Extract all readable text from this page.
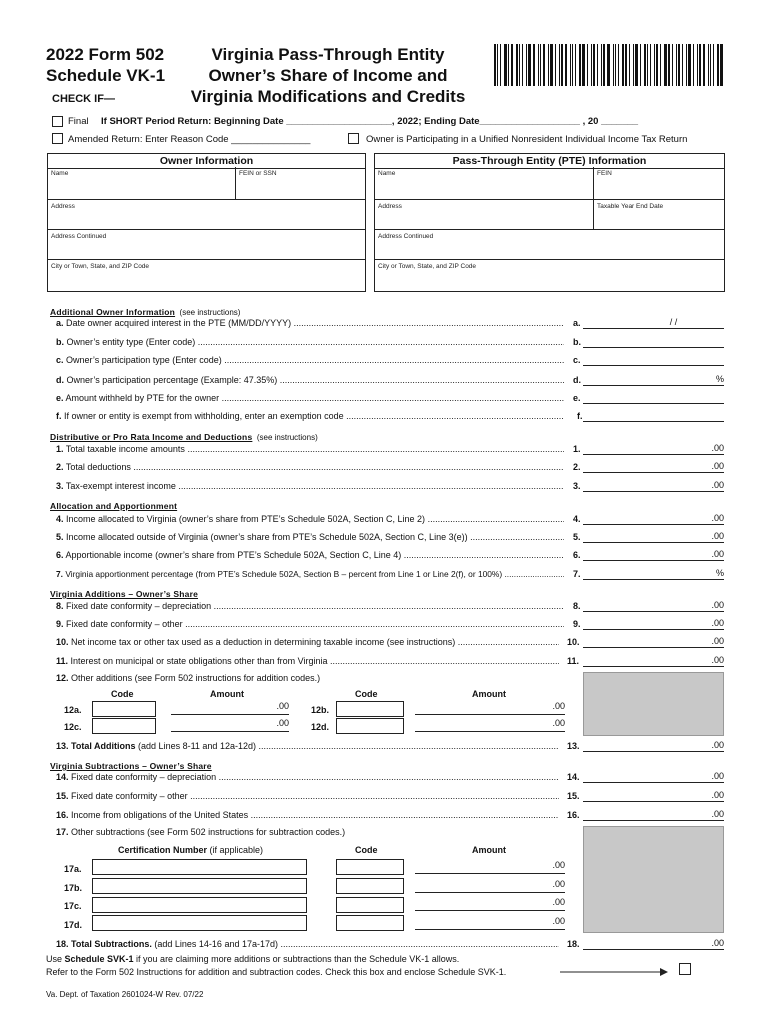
2022 Form 502
Schedule VK-1
CHECK IF—
Virginia Pass-Through Entity
Owner’s Share of Income and
Virginia Modifications and Credits
Final If SHORT Period Return: Beginning Date ____________________, 2022; Ending Date___________________ , 20 _______
Amended Return: Enter Reason Code _______________	Owner is Participating in a Unified Nonresident Individual Income Tax Return
Owner Information
Name	FEIN or SSN
Address
Address Continued
City or Town, State, and ZIP Code
Pass-Through Entity (PTE) Information
Name	FEIN
Address	Taxable Year End Date
Address Continued
City or Town, State, and ZIP Code
Additional Owner Information (see instructions)
a. Date owner acquired interest in the PTE (MM/DD/YYYY) .....	a.	/ /
b. Owner’s entity type (Enter code) .....	b.
c. Owner’s participation type (Enter code) .....	c.
d. Owner’s participation percentage (Example: 47.35%) .....	d.	%
e. Amount withheld by PTE for the owner .....	e.
f. If owner or entity is exempt from withholding, enter an exemption code .....	f.
Distributive or Pro Rata Income and Deductions (see instructions)
1. Total taxable income amounts .....	1.	.00
2. Total deductions .....	2.	.00
3. Tax-exempt interest income .....	3.	.00
Allocation and Apportionment
4. Income allocated to Virginia (owner’s share from PTE’s Schedule 502A, Section C, Line 2) .....	4.	.00
5. Income allocated outside of Virginia (owner’s share from PTE’s Schedule 502A, Section C, Line 3(e)) .....	5.	.00
6. Apportionable income (owner’s share from PTE’s Schedule 502A, Section C, Line 4) .....	6.	.00
7. Virginia apportionment percentage (from PTE’s Schedule 502A, Section B – percent from Line 1 or Line 2(f), or 100%) .....	7.	%
Virginia Additions – Owner’s Share
8. Fixed date conformity – depreciation .....	8.	.00
9. Fixed date conformity – other .....	9.	.00
10. Net income tax or other tax used as a deduction in determining taxable income (see instructions) .....	10.	.00
11. Interest on municipal or state obligations other than from Virginia .....	11.	.00
12. Other additions (see Form 502 instructions for addition codes.)
Code	Amount	Code	Amount
12a.	.00 12b.	.00
12c.	.00 12d.	.00
13. Total Additions (add Lines 8-11 and 12a-12d) .....	13.	.00
Virginia Subtractions – Owner’s Share
14. Fixed date conformity – depreciation .....	14.	.00
15. Fixed date conformity – other .....	15.	.00
16. Income from obligations of the United States .....	16.	.00
17. Other subtractions (see Form 502 instructions for subtraction codes.)
Certification Number (if applicable)	Code	Amount
17a.	.00
17b.	.00
17c.	.00
17d.	.00
18. Total Subtractions. (add Lines 14-16 and 17a-17d) .....	18.	.00
Use Schedule SVK-1 if you are claiming more additions or subtractions than the Schedule VK-1 allows.
Refer to the Form 502 Instructions for addition and subtraction codes. Check this box and enclose Schedule SVK-1.
Va. Dept. of Taxation 2601024-W Rev. 07/22
